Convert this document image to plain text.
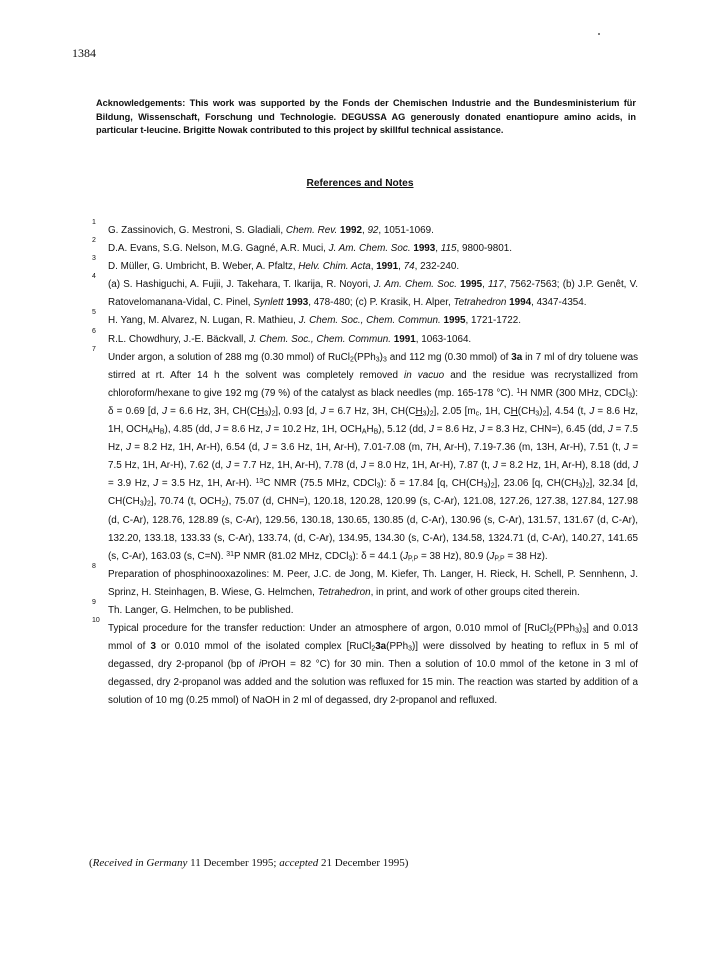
1384

Acknowledgements: This work was supported by the Fonds der Chemischen Industrie and the Bundesministerium für Bildung, Wissenschaft, Forschung und Technologie. DEGUSSA AG generously donated enantiopure amino acids, in particular t-leucine. Brigitte Nowak contributed to this project by skillful technical assistance.

References and Notes
1
G. Zassinovich, G. Mestroni, S. Gladiali, Chem. Rev. 1992, 92, 1051-1069.
2
D.A. Evans, S.G. Nelson, M.G. Gagné, A.R. Muci, J. Am. Chem. Soc. 1993, 115, 9800-9801.
3
D. Müller, G. Umbricht, B. Weber, A. Pfaltz, Helv. Chim. Acta, 1991, 74, 232-240.
4
(a) S. Hashiguchi, A. Fujii, J. Takehara, T. Ikarija, R. Noyori, J. Am. Chem. Soc. 1995, 117, 7562-7563; (b) J.P. Genêt, V. Ratovelomanana-Vidal, C. Pinel, Synlett 1993, 478-480; (c) P. Krasik, H. Alper, Tetrahedron 1994, 4347-4354.
5
H. Yang, M. Alvarez, N. Lugan, R. Mathieu, J. Chem. Soc., Chem. Commun. 1995, 1721-1722.
6
R.L. Chowdhury, J.-E. Bäckvall, J. Chem. Soc., Chem. Commun. 1991, 1063-1064.
7
Under argon, a solution of 288 mg (0.30 mmol) of $RuCl_2(PPh_3)_3$ and 112 mg (0.30 mmol) of 3a in 7 ml of dry toluene was stirred at rt. After 14 h the solvent was completely removed in vacuo and the residue was recrystallized from chloroform/hexane to give 192 mg (79 %) of the catalyst as black needles (mp. 165-178 °C). $^1$H NMR (300 MHz, CDCl$_3$): δ = 0.69 [d, J = 6.6 Hz, 3H, $CH(CH_3)_2$], 0.93 [d, J = 6.7 Hz, 3H, $CH(CH_3)_2$], 2.05 [$m_c$, 1H, $CH(CH_3)_2$], 4.54 (t, J = 8.6 Hz, 1H, $OCH_AH_B$), 4.85 (dd, J = 8.6 Hz, J = 10.2 Hz, 1H, $OCH_AH_B$), 5.12 (dd, J = 8.6 Hz, J = 8.3 Hz, CHN=), 6.45 (dd, J = 7.5 Hz, J = 8.2 Hz, 1H, Ar-H), 6.54 (d, J = 3.6 Hz, 1H, Ar-H), 7.01-7.08 (m, 7H, Ar-H), 7.19-7.36 (m, 13H, Ar-H), 7.51 (t, J = 7.5 Hz, 1H, Ar-H), 7.62 (d, J = 7.7 Hz, 1H, Ar-H), 7.78 (d, J = 8.0 Hz, 1H, Ar-H), 7.87 (t, J = 8.2 Hz, 1H, Ar-H), 8.18 (dd, J = 3.9 Hz, J = 3.5 Hz, 1H, Ar-H). $^{13}$C NMR (75.5 MHz, CDCl$_3$): δ = 17.84 [q, $CH(CH_3)_2$], 23.06 [q, $CH(CH_3)_2$], 32.34 [d, $CH(CH_3)_2$], 70.74 (t, $OCH_2$), 75.07 (d, CHN=), 120.18, 120.28, 120.99 (s, C-Ar), 121.08, 127.26, 127.38, 127.84, 127.98 (d, C-Ar), 128.76, 128.89 (s, C-Ar), 129.56, 130.18, 130.65, 130.85 (d, C-Ar), 130.96 (s, C-Ar), 131.57, 131.67 (d, C-Ar), 132.20, 133.18, 133.33 (s, C-Ar), 133.74, (d, C-Ar), 134.95, 134.30 (s, C-Ar), 134.58, 1324.71 (d, C-Ar), 140.27, 141.65 (s, C-Ar), 163.03 (s, C=N). $^{31}$P NMR (81.02 MHz, CDCl$_3$): δ = 44.1 ($J_{P,P} = 38$ Hz), 80.9 ($J_{P,P} = 38$ Hz).
8
Preparation of phosphinooxazolines: M. Peer, J.C. de Jong, M. Kiefer, Th. Langer, H. Rieck, H. Schell, P. Sennhenn, J. Sprinz, H. Steinhagen, B. Wiese, G. Helmchen, Tetrahedron, in print, and work of other groups cited therein.
9
Th. Langer, G. Helmchen, to be published.
10
Typical procedure for the transfer reduction: Under an atmosphere of argon, 0.010 mmol of $[RuCl_2(PPh_3)_3]$ and 0.013 mmol of 3 or 0.010 mmol of the isolated complex [RuCl$_2$3a(PPh$_3$)] were dissolved by heating to reflux in 5 ml of degassed, dry 2-propanol (bp of iPrOH = 82 °C) for 30 min. Then a solution of 10.0 mmol of the ketone in 3 ml of degassed, dry 2-propanol was added and the solution was refluxed for 15 min. The reaction was started by addition of a solution of 10 mg (0.25 mmol) of NaOH in 2 ml of degassed, dry 2-propanol and refluxed.

(Received in Germany 11 December 1995; accepted 21 December 1995)
